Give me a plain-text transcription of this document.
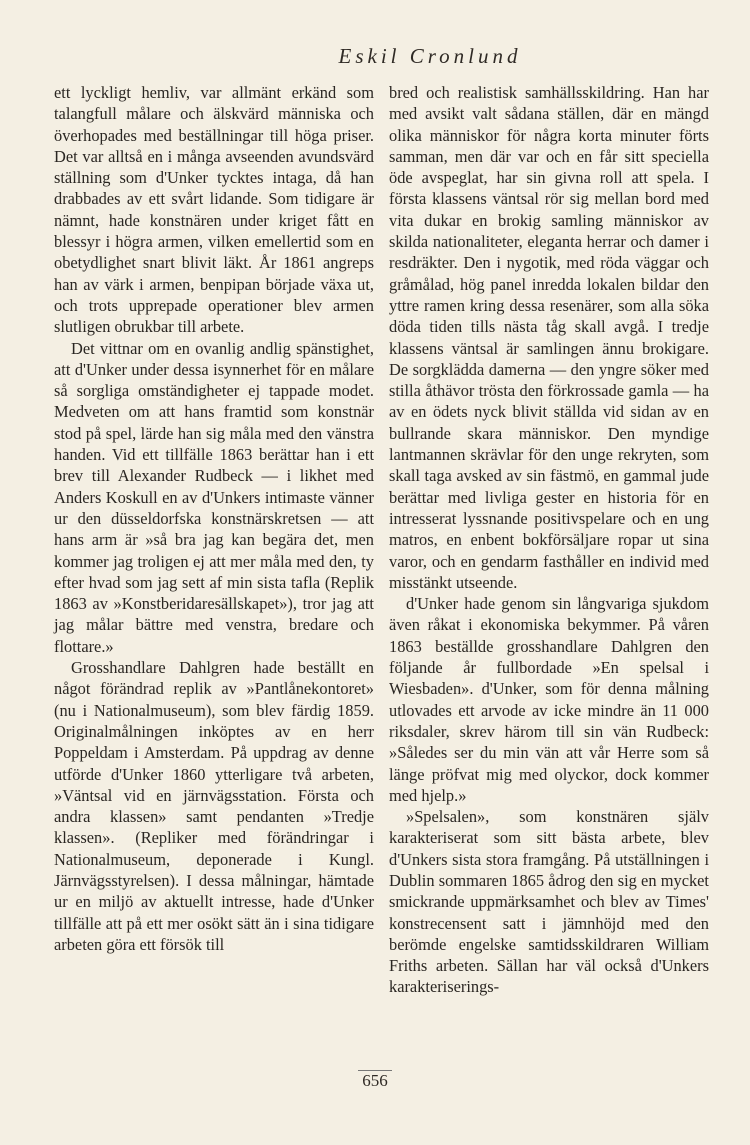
Eskil Cronlund

ett lyckligt hemliv, var allmänt erkänd som talangfull målare och älskvärd människa och överhopades med beställningar till höga priser. Det var alltså en i många avseenden avundsvärd ställning som d'Unker tycktes intaga, då han drabbades av ett svårt lidande. Som tidigare är nämnt, hade konstnären under kriget fått en blessyr i högra armen, vilken emellertid som en obetydlighet snart blivit läkt. År 1861 angreps han av värk i armen, benpipan började växa ut, och trots upprepade operationer blev armen slutligen obrukbar till arbete.

Det vittnar om en ovanlig andlig spänstighet, att d'Unker under dessa isynnerhet för en målare så sorgliga omständigheter ej tappade modet. Medveten om att hans framtid som konstnär stod på spel, lärde han sig måla med den vänstra handen. Vid ett tillfälle 1863 berättar han i ett brev till Alexander Rudbeck — i likhet med Anders Koskull en av d'Unkers intimaste vänner ur den düsseldorfska konstnärskretsen — att hans arm är »så bra jag kan begära det, men kommer jag troligen ej att mer måla med den, ty efter hvad som jag sett af min sista tafla (Replik 1863 av »Konstberidaresällskapet»), tror jag att jag målar bättre med venstra, bredare och flottare.»

Grosshandlare Dahlgren hade beställt en något förändrad replik av »Pantlånekontoret» (nu i Nationalmuseum), som blev färdig 1859. Originalmålningen inköptes av en herr Poppeldam i Amsterdam. På uppdrag av denne utförde d'Unker 1860 ytterligare två arbeten, »Väntsal vid en järnvägsstation. Första och andra klassen» samt pendanten »Tredje klassen». (Repliker med förändringar i Nationalmuseum, deponerade i Kungl. Järnvägsstyrelsen). I dessa målningar, hämtade ur en miljö av aktuellt intresse, hade d'Unker tillfälle att på ett mer osökt sätt än i sina tidigare arbeten göra ett försök till

bred och realistisk samhällsskildring. Han har med avsikt valt sådana ställen, där en mängd olika människor för några korta minuter förts samman, men där var och en får sitt speciella öde avspeglat, har sin givna roll att spela. I första klassens väntsal rör sig mellan bord med vita dukar en brokig samling människor av skilda nationaliteter, eleganta herrar och damer i resdräkter. Den i nygotik, med röda väggar och gråmålad, hög panel inredda lokalen bildar den yttre ramen kring dessa resenärer, som alla söka döda tiden tills nästa tåg skall avgå. I tredje klassens väntsal är samlingen ännu brokigare. De sorgklädda damerna — den yngre söker med stilla åthävor trösta den förkrossade gamla — ha av en ödets nyck blivit ställda vid sidan av en bullrande skara människor. Den myndige lantmannen skrävlar för den unge rekryten, som skall taga avsked av sin fästmö, en gammal jude berättar med livliga gester en historia för en intresserat lyssnande positivspelare och en ung matros, en enbent bokförsäljare ropar ut sina varor, och en gendarm fasthåller en individ med misstänkt utseende.

d'Unker hade genom sin långvariga sjukdom även råkat i ekonomiska bekymmer. På våren 1863 beställde grosshandlare Dahlgren den följande år fullbordade »En spelsal i Wiesbaden». d'Unker, som för denna målning utlovades ett arvode av icke mindre än 11 000 riksdaler, skrev härom till sin vän Rudbeck: »Således ser du min vän att vår Herre som så länge pröfvat mig med olyckor, dock kommer med hjelp.»

»Spelsalen», som konstnären själv karakteriserat som sitt bästa arbete, blev d'Unkers sista stora framgång. På utställningen i Dublin sommaren 1865 ådrog den sig en mycket smickrande uppmärksamhet och blev av Times' konstrecensent satt i jämnhöjd med den berömde engelske samtidsskildraren William Friths arbeten. Sällan har väl också d'Unkers karakteriserings-

656
